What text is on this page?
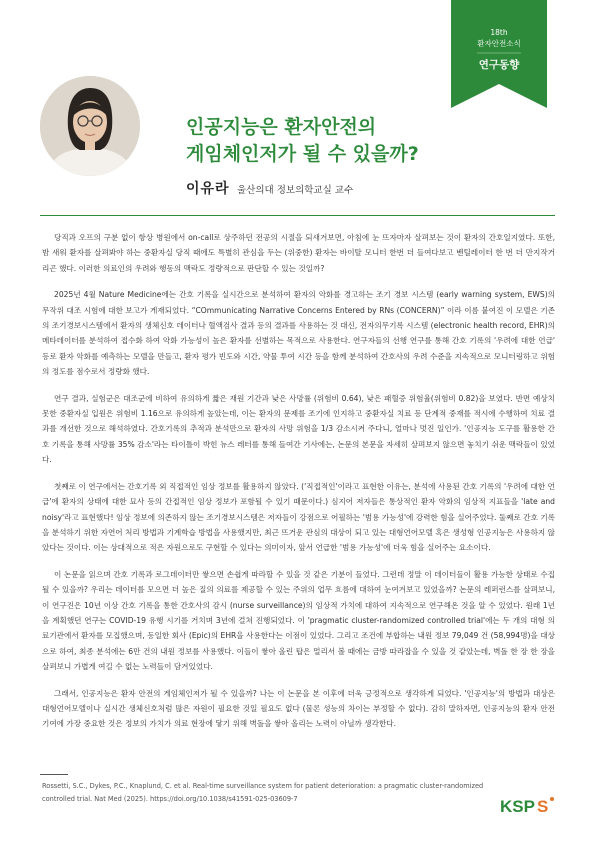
18th
환자안전소식
연구동향
인공지능은 환자안전의
게임체인저가 될 수 있을까?
이유라 울산의대 정보의학교실 교수

당직과 오프의 구분 없이 항상 병원에서 on-call로 상주하던 전공의 시절을 되새겨보면, 아침에 눈 뜨자마자 살펴보는 것이 환자의 간호일지였다. 또한, 밤 새워 환자를 살펴봐야 하는 중환자실 당직 때에도 특별히 관심을 두는 (위중한) 환자는 바이탈 모니터 한번 더 들여다보고 벤틸레이터 한 번 더 만지작거리곤 했다. 이러한 의료인의 우려와 행동의 맥락도 정량적으로 판단할 수 있는 것일까?

2025년 4월 Nature Medicine에는 간호 기록을 실시간으로 분석하여 환자의 악화를 경고하는 조기 경보 시스템 (early warning system, EWS)의 무작위 대조 시험에 대한 보고가 게재되었다. “COmmunicating Narrative Concerns Entered by RNs (CONCERN)” 이라 이름 붙여진 이 모델은 기존의 조기경보시스템에서 환자의 생체신호 데이터나 혈액검사 결과 등의 결과를 사용하는 것 대신, 전자의무기록 시스템 (electronic health record, EHR)의 메타데이터를 분석하여 접수화 하여 악화 가능성이 높은 환자를 선별하는 목적으로 사용한다. 연구자들의 선행 연구를 통해 간호 기록의 '우려에 대한 언급' 등로 환자 악화를 예측하는 모델을 만들고, 환자 평가 빈도와 시간, 약물 투여 시간 등을 함께 분석하여 간호사의 우려 수준을 지속적으로 모니터링하고 위험의 정도를 점수로서 정량화 했다.

연구 결과, 실험군은 대조군에 비하여 유의하게 짧은 재원 기간과 낮은 사망률 (위험비 0.64), 낮은 패혈증 위험율(위험비 0.82)을 보였다. 반면 예상치 못한 중환자실 입원은 위험비 1.16으로 유의하게 높았는데, 이는 환자의 문제를 조기에 인지하고 중환자실 치료 등 단계적 중재를 적시에 수행하여 치료 결과를 개선한 것으로 해석하였다. 간호기록의 추적과 분석만으로 환자의 사망 위험을 1/3 감소시켜 주다니, 얼마나 멋진 일인가. '인공지능 도구를 활용한 간호 기록을 통해 사망률 35% 감소'라는 타이틀이 박힌 뉴스 레터를 통해 들여간 기사에는, 논문의 본문을 자세히 살펴보지 않으면 놓치기 쉬운 맥락들이 있었다.

첫째로 이 연구에서는 간호기록 외 직접적인 임상 정보를 활용하지 않았다. ('직접적인'이라고 표현한 이유는, 분석에 사용된 간호 기록의 '우려에 대한 언급'에 환자의 상태에 대한 묘사 등의 간접적인 임상 정보가 포함될 수 있기 때문이다.) 심지어 저자들은 통상적인 환자 악화의 임상적 지표들을 'late and noisy'라고 표현했다! 임상 정보에 의존하지 않는 조기경보시스템은 저자들이 강점으로 어필하는 '범용 가능성'에 강력한 힘을 실어주었다. 둘째로 간호 기록을 분석하기 위한 자연어 처리 방법과 기계학습 방법을 사용했지만, 최근 뜨거운 관심의 대상이 되고 있는 대형언어모델 혹은 생성형 인공지능은 사용하지 않았다는 것이다. 이는 상대적으로 적은 자원으로도 구현할 수 있다는 의미이자, 앞서 언급한 '범용 가능성'에 더욱 힘을 실어주는 요소이다.

이 논문을 읽으며 간호 기록과 로그데이터만 쌓으면 손쉽게 따라할 수 있을 것 같은 기분이 들었다. 그런데 정말 이 데이터들이 활용 가능한 상태로 수집될 수 있을까? 우리는 데이터를 모으면 더 높은 질의 의료를 제공할 수 있는 주위의 업무 흐름에 대하여 눈여겨보고 있었을까? 논문의 레퍼런스를 살펴보니, 이 연구진은 10년 이상 간호 기록을 통한 간호사의 감시 (nurse surveillance)의 임상적 가치에 대하여 지속적으로 연구해온 것을 알 수 있었다. 원래 1년을 계획했던 연구는 COVID-19 유행 시기를 거치며 3년에 걸쳐 진행되었다. 이 'pragmatic cluster-randomized controlled trial'에는 두 개의 대형 의료기관에서 환자를 모집했으며, 동일한 회사 (Epic)의 EHR을 사용한다는 이점이 있었다. 그리고 조건에 부합하는 내원 정보 79,049 건 (58,994명)을 대상으로 하여, 최종 분석에는 6만 건의 내원 정보를 사용했다. 이들이 쌓아 올린 탑은 멀리서 볼 때에는 금방 따라잡을 수 있을 것 같았는데, 벽돌 한 장 한 장을 살펴보니 가볍게 여길 수 없는 노력들이 담겨있었다.

그래서, 인공지능은 환자 안전의 게임체인저가 될 수 있을까? 나는 이 논문을 본 이후에 더욱 긍정적으로 생각하게 되었다. '인공지능'의 방법과 대상은 대형언어모델이나 실시간 생체신호처럼 많은 자원이 필요한 것일 필요도 없다 (물론 성능의 차이는 부정할 수 없다). 감히 말하자면, 인공지능의 환자 안전 기여에 가장 중요한 것은 정보의 가치가 의료 현장에 닿기 위해 벽돌을 쌓아 올리는 노력이 아닐까 생각한다.

Rossetti, S.C., Dykes, P.C., Knaplund, C. et al. Real-time surveillance system for patient deterioration: a pragmatic cluster-randomized controlled trial. Nat Med (2025). https://doi.org/10.1038/s41591-025-03609-7	KSP S
